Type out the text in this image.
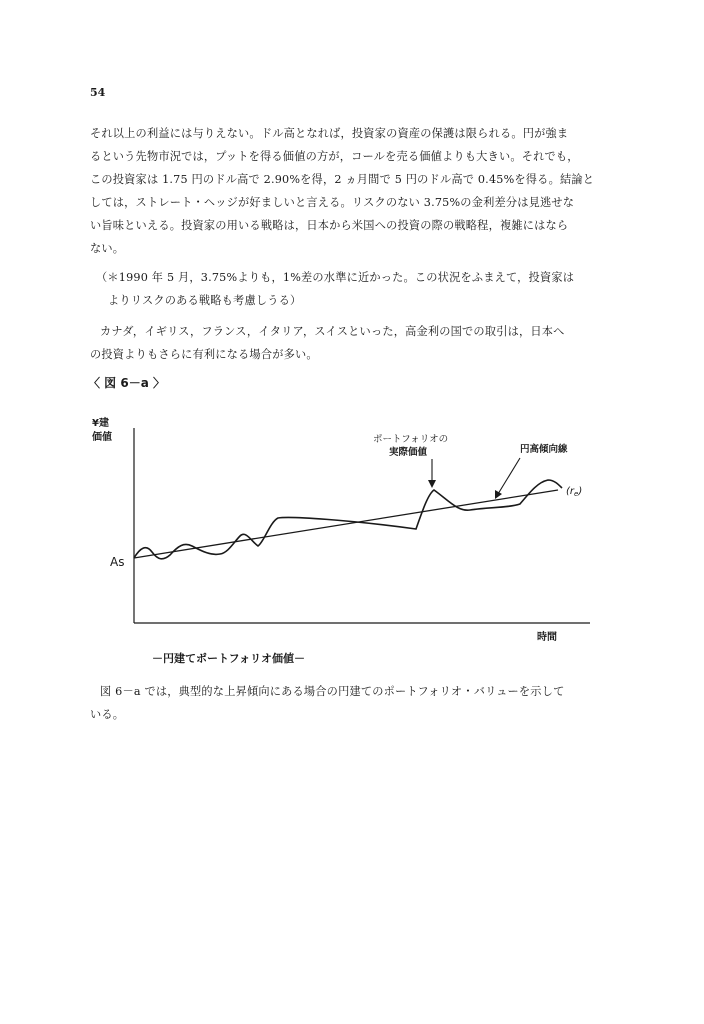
54
それ以上の利益には与りえない。ドル高となれば，投資家の資産の保護は限られる。円が強ま
るという先物市況では，プットを得る価値の方が，コールを売る価値よりも大きい。それでも，
この投資家は 1.75 円のドル高で 2.90%を得，2 ヵ月間で 5 円のドル高で 0.45%を得る。結論と
しては，ストレート・ヘッジが好ましいと言える。リスクのない 3.75%の金利差分は見逃せな
い旨味といえる。投資家の用いる戦略は，日本から米国への投資の際の戦略程，複雑にはなら
ない。
（＊1990 年 5 月，3.75%よりも，1%差の水準に近かった。この状況をふまえて，投資家は
よりリスクのある戦略も考慮しうる）
カナダ，イギリス，フランス，イタリア，スイスといった，高金利の国での取引は，日本へ
の投資よりもさらに有利になる場合が多い。
〈 図 6－a 〉
¥建
価値
時間
As
ポートフォリオの
実際価値	円高傾向線
$(r_e)$
－円建てポートフォリオ価値－
図 6－a では，典型的な上昇傾向にある場合の円建てのポートフォリオ・バリューを示して
いる。
